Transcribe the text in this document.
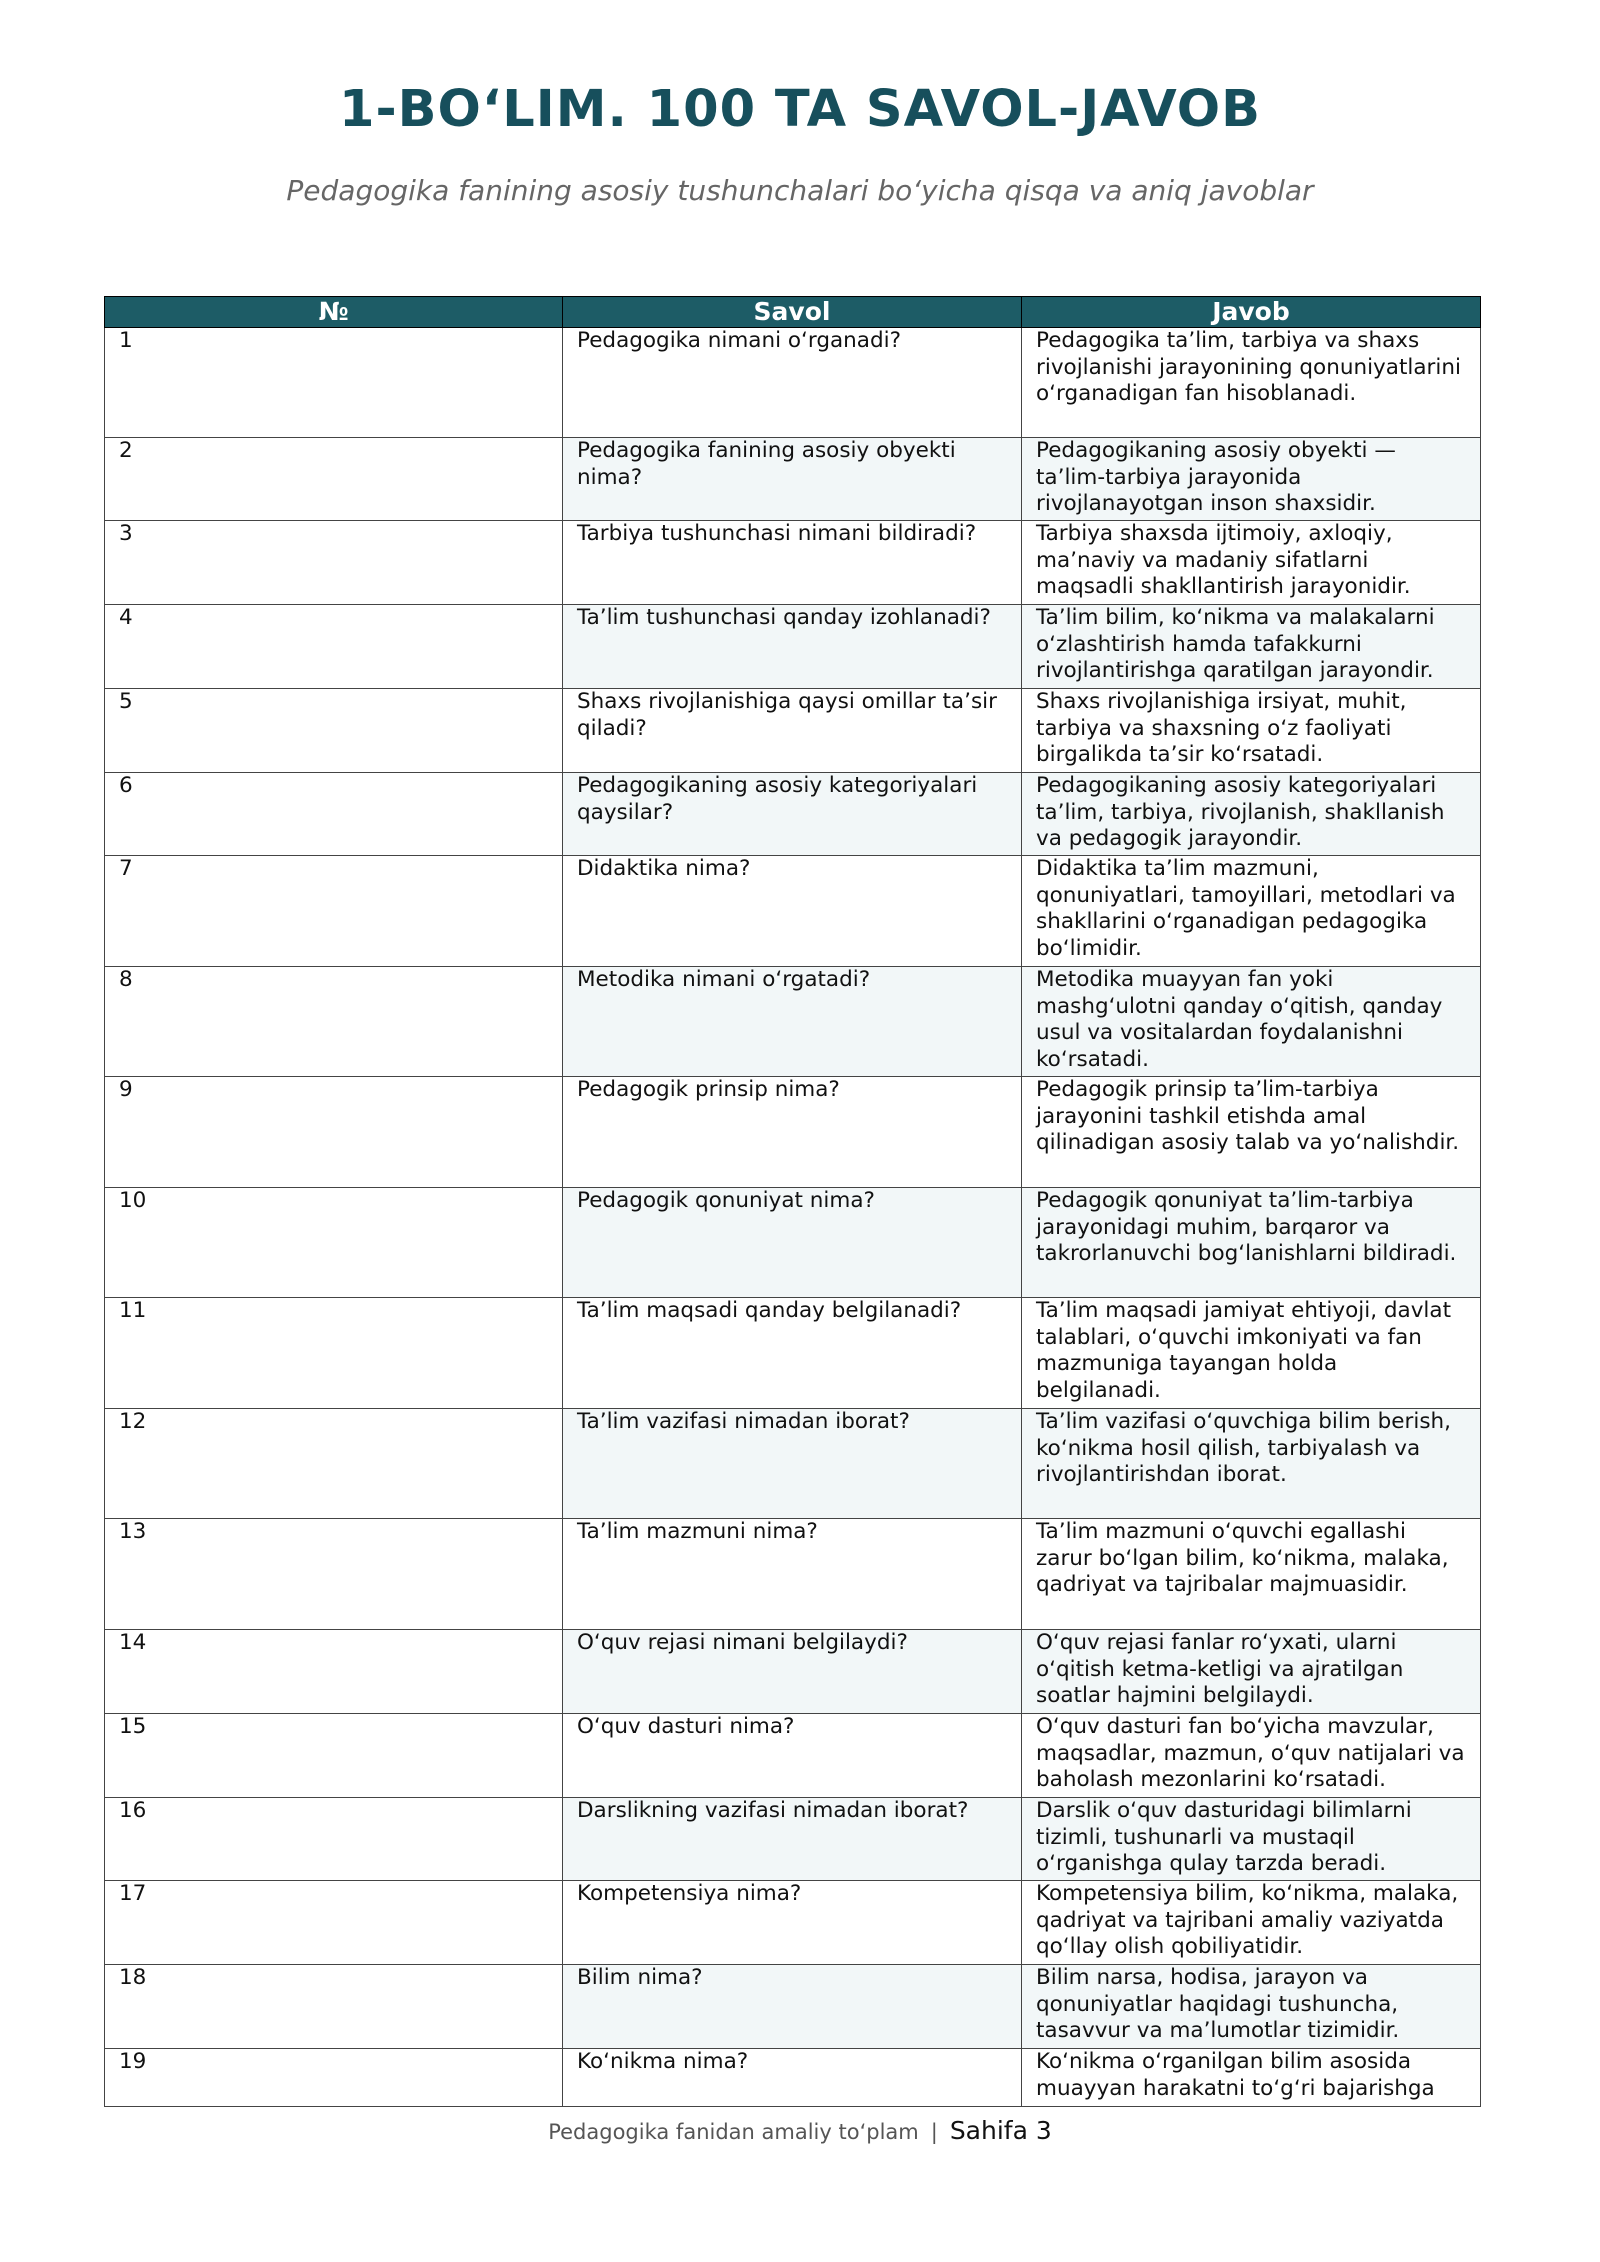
1-BO‘LIM. 100 TA SAVOL-JAVOB

Pedagogika fanining asosiy tushunchalari bo‘yicha qisqa va aniq javoblar

№	Savol	Javob
1	Pedagogika nimani o‘rganadi?	Pedagogika ta’lim, tarbiya va shaxs rivojlanishi jarayonining qonuniyatlarini o‘rganadigan fan hisoblanadi.
2	Pedagogika fanining asosiy obyekti nima?	Pedagogikaning asosiy obyekti — ta’lim-tarbiya jarayonida rivojlanayotgan inson shaxsidir.
3	Tarbiya tushunchasi nimani bildiradi?	Tarbiya shaxsda ijtimoiy, axloqiy, ma’naviy va madaniy sifatlarni maqsadli shakllantirish jarayonidir.
4	Ta’lim tushunchasi qanday izohlanadi?	Ta’lim bilim, ko‘nikma va malakalarni o‘zlashtirish hamda tafakkurni rivojlantirishga qaratilgan jarayondir.
5	Shaxs rivojlanishiga qaysi omillar ta’sir qiladi?	Shaxs rivojlanishiga irsiyat, muhit, tarbiya va shaxsning o‘z faoliyati birgalikda ta’sir ko‘rsatadi.
6	Pedagogikaning asosiy kategoriyalari qaysilar?	Pedagogikaning asosiy kategoriyalari ta’lim, tarbiya, rivojlanish, shakllanish va pedagogik jarayondir.
7	Didaktika nima?	Didaktika ta’lim mazmuni, qonuniyatlari, tamoyillari, metodlari va shakllarini o‘rganadigan pedagogika bo‘limidir.
8	Metodika nimani o‘rgatadi?	Metodika muayyan fan yoki mashg‘ulotni qanday o‘qitish, qanday usul va vositalardan foydalanishni ko‘rsatadi.
9	Pedagogik prinsip nima?	Pedagogik prinsip ta’lim-tarbiya jarayonini tashkil etishda amal qilinadigan asosiy talab va yo‘nalishdir.
10	Pedagogik qonuniyat nima?	Pedagogik qonuniyat ta’lim-tarbiya jarayonidagi muhim, barqaror va takrorlanuvchi bog‘lanishlarni bildiradi.
11	Ta’lim maqsadi qanday belgilanadi?	Ta’lim maqsadi jamiyat ehtiyoji, davlat talablari, o‘quvchi imkoniyati va fan mazmuniga tayangan holda belgilanadi.
12	Ta’lim vazifasi nimadan iborat?	Ta’lim vazifasi o‘quvchiga bilim berish, ko‘nikma hosil qilish, tarbiyalash va rivojlantirishdan iborat.
13	Ta’lim mazmuni nima?	Ta’lim mazmuni o‘quvchi egallashi zarur bo‘lgan bilim, ko‘nikma, malaka, qadriyat va tajribalar majmuasidir.
14	O‘quv rejasi nimani belgilaydi?	O‘quv rejasi fanlar ro‘yxati, ularni o‘qitish ketma-ketligi va ajratilgan soatlar hajmini belgilaydi.
15	O‘quv dasturi nima?	O‘quv dasturi fan bo‘yicha mavzular, maqsadlar, mazmun, o‘quv natijalari va baholash mezonlarini ko‘rsatadi.
16	Darslikning vazifasi nimadan iborat?	Darslik o‘quv dasturidagi bilimlarni tizimli, tushunarli va mustaqil o‘rganishga qulay tarzda beradi.
17	Kompetensiya nima?	Kompetensiya bilim, ko‘nikma, malaka, qadriyat va tajribani amaliy vaziyatda qo‘llay olish qobiliyatidir.
18	Bilim nima?	Bilim narsa, hodisa, jarayon va qonuniyatlar haqidagi tushuncha, tasavvur va ma’lumotlar tizimidir.
19	Ko‘nikma nima?	Ko‘nikma o‘rganilgan bilim asosida muayyan harakatni to‘g‘ri bajarishga
Pedagogika fanidan amaliy to‘plam | Sahifa 3
